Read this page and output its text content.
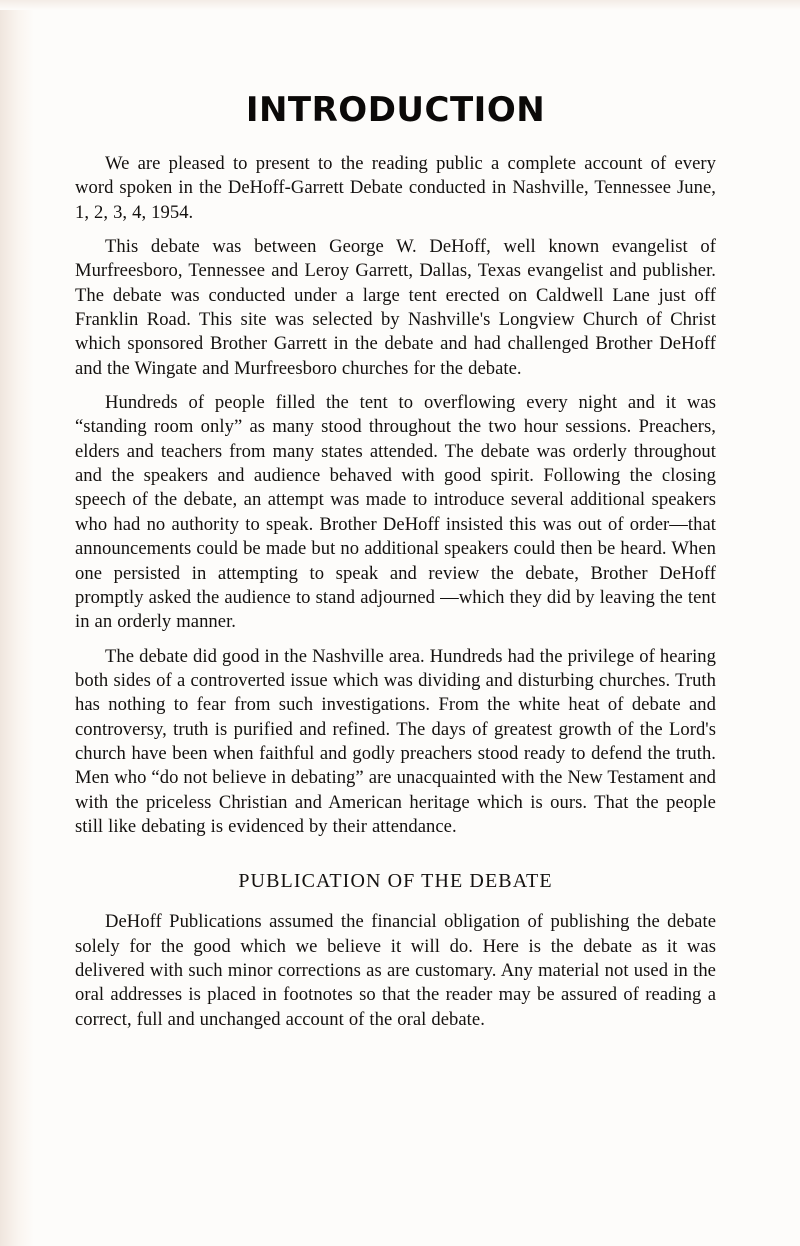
INTRODUCTION

We are pleased to present to the reading public a complete account of every word spoken in the DeHoff-Garrett Debate conducted in Nashville, Tennessee June, 1, 2, 3, 4, 1954.

This debate was between George W. DeHoff, well known evangelist of Murfreesboro, Tennessee and Leroy Garrett, Dallas, Texas evangelist and publisher. The debate was conducted under a large tent erected on Caldwell Lane just off Franklin Road. This site was selected by Nashville's Longview Church of Christ which sponsored Brother Garrett in the debate and had challenged Brother DeHoff and the Wingate and Murfreesboro churches for the debate.

Hundreds of people filled the tent to overflowing every night and it was “standing room only” as many stood throughout the two hour sessions. Preachers, elders and teachers from many states attended. The debate was orderly throughout and the speakers and audience behaved with good spirit. Following the closing speech of the debate, an attempt was made to introduce several additional speakers who had no authority to speak. Brother DeHoff insisted this was out of order—that announcements could be made but no additional speakers could then be heard. When one persisted in attempting to speak and review the debate, Brother DeHoff promptly asked the audience to stand adjourned —which they did by leaving the tent in an orderly manner.

The debate did good in the Nashville area. Hundreds had the privilege of hearing both sides of a controverted issue which was dividing and disturbing churches. Truth has nothing to fear from such investigations. From the white heat of debate and controversy, truth is purified and refined. The days of greatest growth of the Lord's church have been when faithful and godly preachers stood ready to defend the truth. Men who “do not believe in debating” are unacquainted with the New Testament and with the priceless Christian and American heritage which is ours. That the people still like debating is evidenced by their attendance.

PUBLICATION OF THE DEBATE

DeHoff Publications assumed the financial obligation of publishing the debate solely for the good which we believe it will do. Here is the debate as it was delivered with such minor corrections as are customary. Any material not used in the oral addresses is placed in footnotes so that the reader may be assured of reading a correct, full and unchanged account of the oral debate.
